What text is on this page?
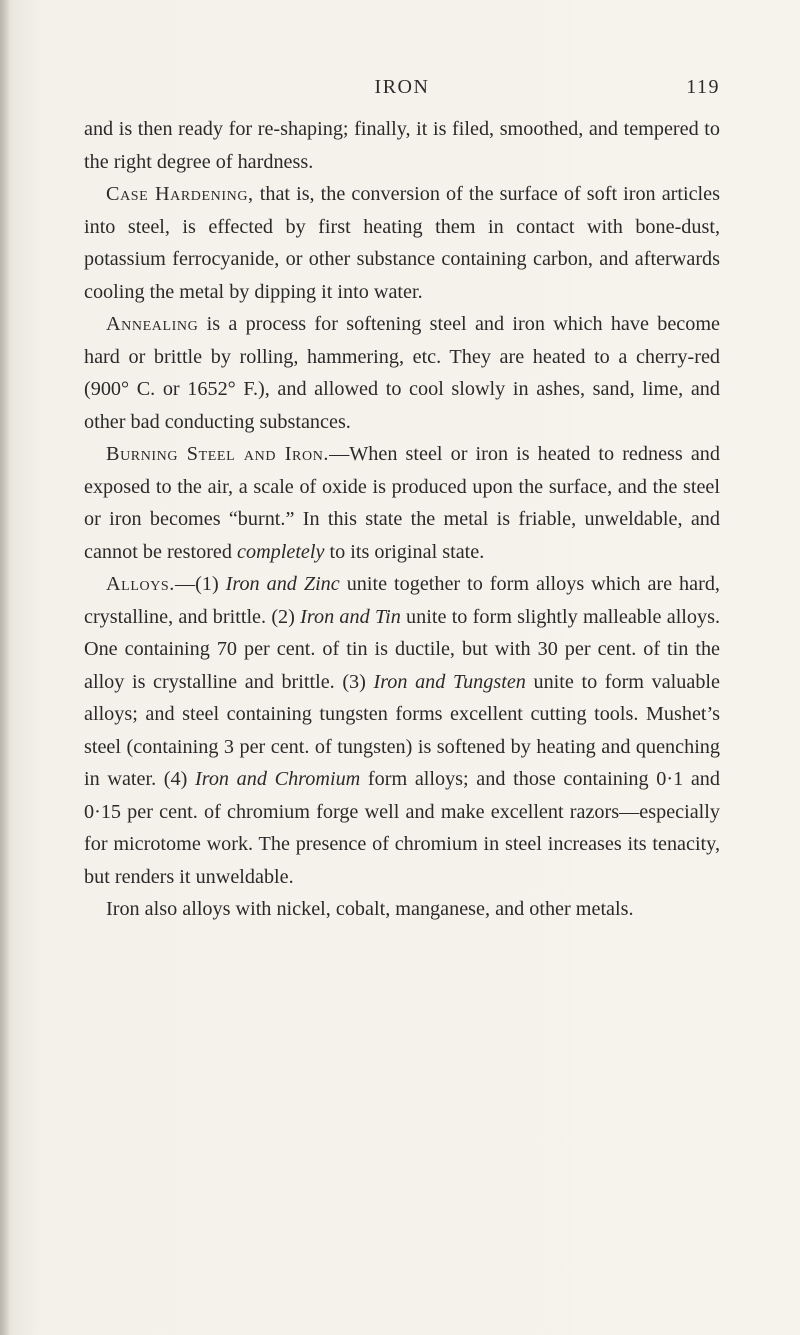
IRON	119

and is then ready for re-shaping; finally, it is filed, smoothed, and tempered to the right degree of hardness.

Case Hardening, that is, the conversion of the surface of soft iron articles into steel, is effected by first heating them in contact with bone-dust, potassium ferrocyanide, or other substance containing carbon, and afterwards cooling the metal by dipping it into water.

Annealing is a process for softening steel and iron which have become hard or brittle by rolling, hammering, etc. They are heated to a cherry-red (900° C. or 1652° F.), and allowed to cool slowly in ashes, sand, lime, and other bad conducting substances.

Burning Steel and Iron.—When steel or iron is heated to redness and exposed to the air, a scale of oxide is produced upon the surface, and the steel or iron becomes “burnt.” In this state the metal is friable, unweldable, and cannot be restored completely to its original state.

Alloys.—(1) Iron and Zinc unite together to form alloys which are hard, crystalline, and brittle. (2) Iron and Tin unite to form slightly malleable alloys. One containing 70 per cent. of tin is ductile, but with 30 per cent. of tin the alloy is crystalline and brittle. (3) Iron and Tungsten unite to form valuable alloys; and steel containing tungsten forms excellent cutting tools. Mushet’s steel (containing 3 per cent. of tungsten) is softened by heating and quenching in water. (4) Iron and Chromium form alloys; and those containing 0·1 and 0·15 per cent. of chromium forge well and make excellent razors—especially for microtome work. The presence of chromium in steel increases its tenacity, but renders it unweldable.

Iron also alloys with nickel, cobalt, manganese, and other metals.
